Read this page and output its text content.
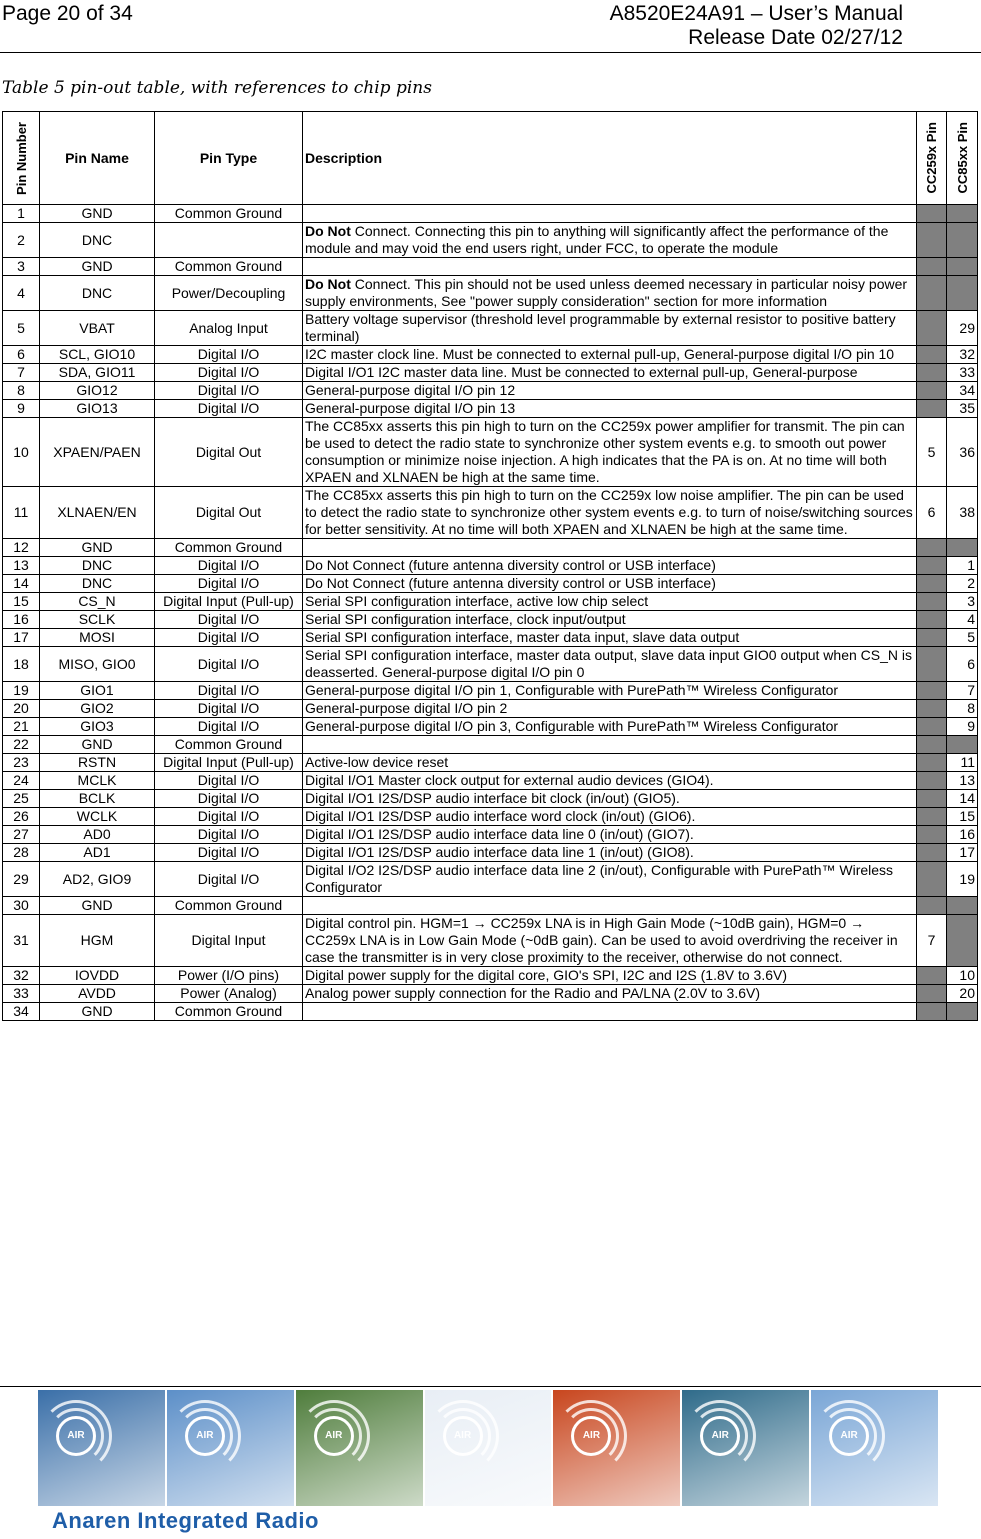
Page 20 of 34	A8520E24A91 – User’s Manual
Release Date 02/27/12
Table 5 pin-out table, with references to chip pins
Pin Number	Pin Name	Pin Type	Description	CC259x Pin	CC85xx Pin

1	GND	Common Ground			
2	DNC		Do Not Connect. Connecting this pin to anything will significantly affect the performance of the module and may void the end users right, under FCC, to operate the module		
3	GND	Common Ground			
4	DNC	Power/Decoupling	Do Not Connect. This pin should not be used unless deemed necessary in particular noisy power supply environments, See "power supply consideration" section for more information		
5	VBAT	Analog Input	Battery voltage supervisor (threshold level programmable by external resistor to positive battery terminal)		29
6	SCL, GIO10	Digital I/O	I2C master clock line. Must be connected to external pull-up, General-purpose digital I/O pin 10		32
7	SDA, GIO11	Digital I/O	Digital I/O1 I2C master data line. Must be connected to external pull-up, General-purpose		33
8	GIO12	Digital I/O	General-purpose digital I/O pin 12		34
9	GIO13	Digital I/O	General-purpose digital I/O pin 13		35
10	XPAEN/PAEN	Digital Out	The CC85xx asserts this pin high to turn on the CC259x power amplifier for transmit. The pin can be used to detect the radio state to synchronize other system events e.g. to smooth out power consumption or minimize noise injection. A high indicates that the PA is on. At no time will both XPAEN and XLNAEN be high at the same time.	5	36
11	XLNAEN/EN	Digital Out	The CC85xx asserts this pin high to turn on the CC259x low noise amplifier. The pin can be used to detect the radio state to synchronize other system events e.g. to turn of noise/switching sources for better sensitivity. At no time will both XPAEN and XLNAEN be high at the same time.	6	38
12	GND	Common Ground			
13	DNC	Digital I/O	Do Not Connect (future antenna diversity control or USB interface)		1
14	DNC	Digital I/O	Do Not Connect (future antenna diversity control or USB interface)		2
15	CS_N	Digital Input (Pull-up)	Serial SPI configuration interface, active low chip select		3
16	SCLK	Digital I/O	Serial SPI configuration interface, clock input/output		4
17	MOSI	Digital I/O	Serial SPI configuration interface, master data input, slave data output		5
18	MISO, GIO0	Digital I/O	Serial SPI configuration interface, master data output, slave data input GIO0 output when CS_N is deasserted. General-purpose digital I/O pin 0		6
19	GIO1	Digital I/O	General-purpose digital I/O pin 1, Configurable with PurePath™ Wireless Configurator		7
20	GIO2	Digital I/O	General-purpose digital I/O pin 2		8
21	GIO3	Digital I/O	General-purpose digital I/O pin 3, Configurable with PurePath™ Wireless Configurator		9
22	GND	Common Ground			
23	RSTN	Digital Input (Pull-up)	Active-low device reset		11
24	MCLK	Digital I/O	Digital I/O1 Master clock output for external audio devices (GIO4).		13
25	BCLK	Digital I/O	Digital I/O1 I2S/DSP audio interface bit clock (in/out) (GIO5).		14
26	WCLK	Digital I/O	Digital I/O1 I2S/DSP audio interface word clock (in/out) (GIO6).		15
27	AD0	Digital I/O	Digital I/O1 I2S/DSP audio interface data line 0 (in/out) (GIO7).		16
28	AD1	Digital I/O	Digital I/O1 I2S/DSP audio interface data line 1 (in/out) (GIO8).		17
29	AD2, GIO9	Digital I/O	Digital I/O2 I2S/DSP audio interface data line 2 (in/out), Configurable with PurePath™ Wireless Configurator		19
30	GND	Common Ground			
31	HGM	Digital Input	Digital control pin. HGM=1 → CC259x LNA is in High Gain Mode (~10dB gain), HGM=0 → CC259x LNA is in Low Gain Mode (~0dB gain). Can be used to avoid overdriving the receiver in case the transmitter is in very close proximity to the receiver, otherwise do not connect.	7	
32	IOVDD	Power (I/O pins)	Digital power supply for the digital core, GIO's SPI, I2C and I2S (1.8V to 3.6V)		10
33	AVDD	Power (Analog)	Analog power supply connection for the Radio and PA/LNA (2.0V to 3.6V)		20
34	GND	Common Ground			
AIR	AIR	AIR	AIR	AIR	AIR	AIR
Anaren Integrated Radio
